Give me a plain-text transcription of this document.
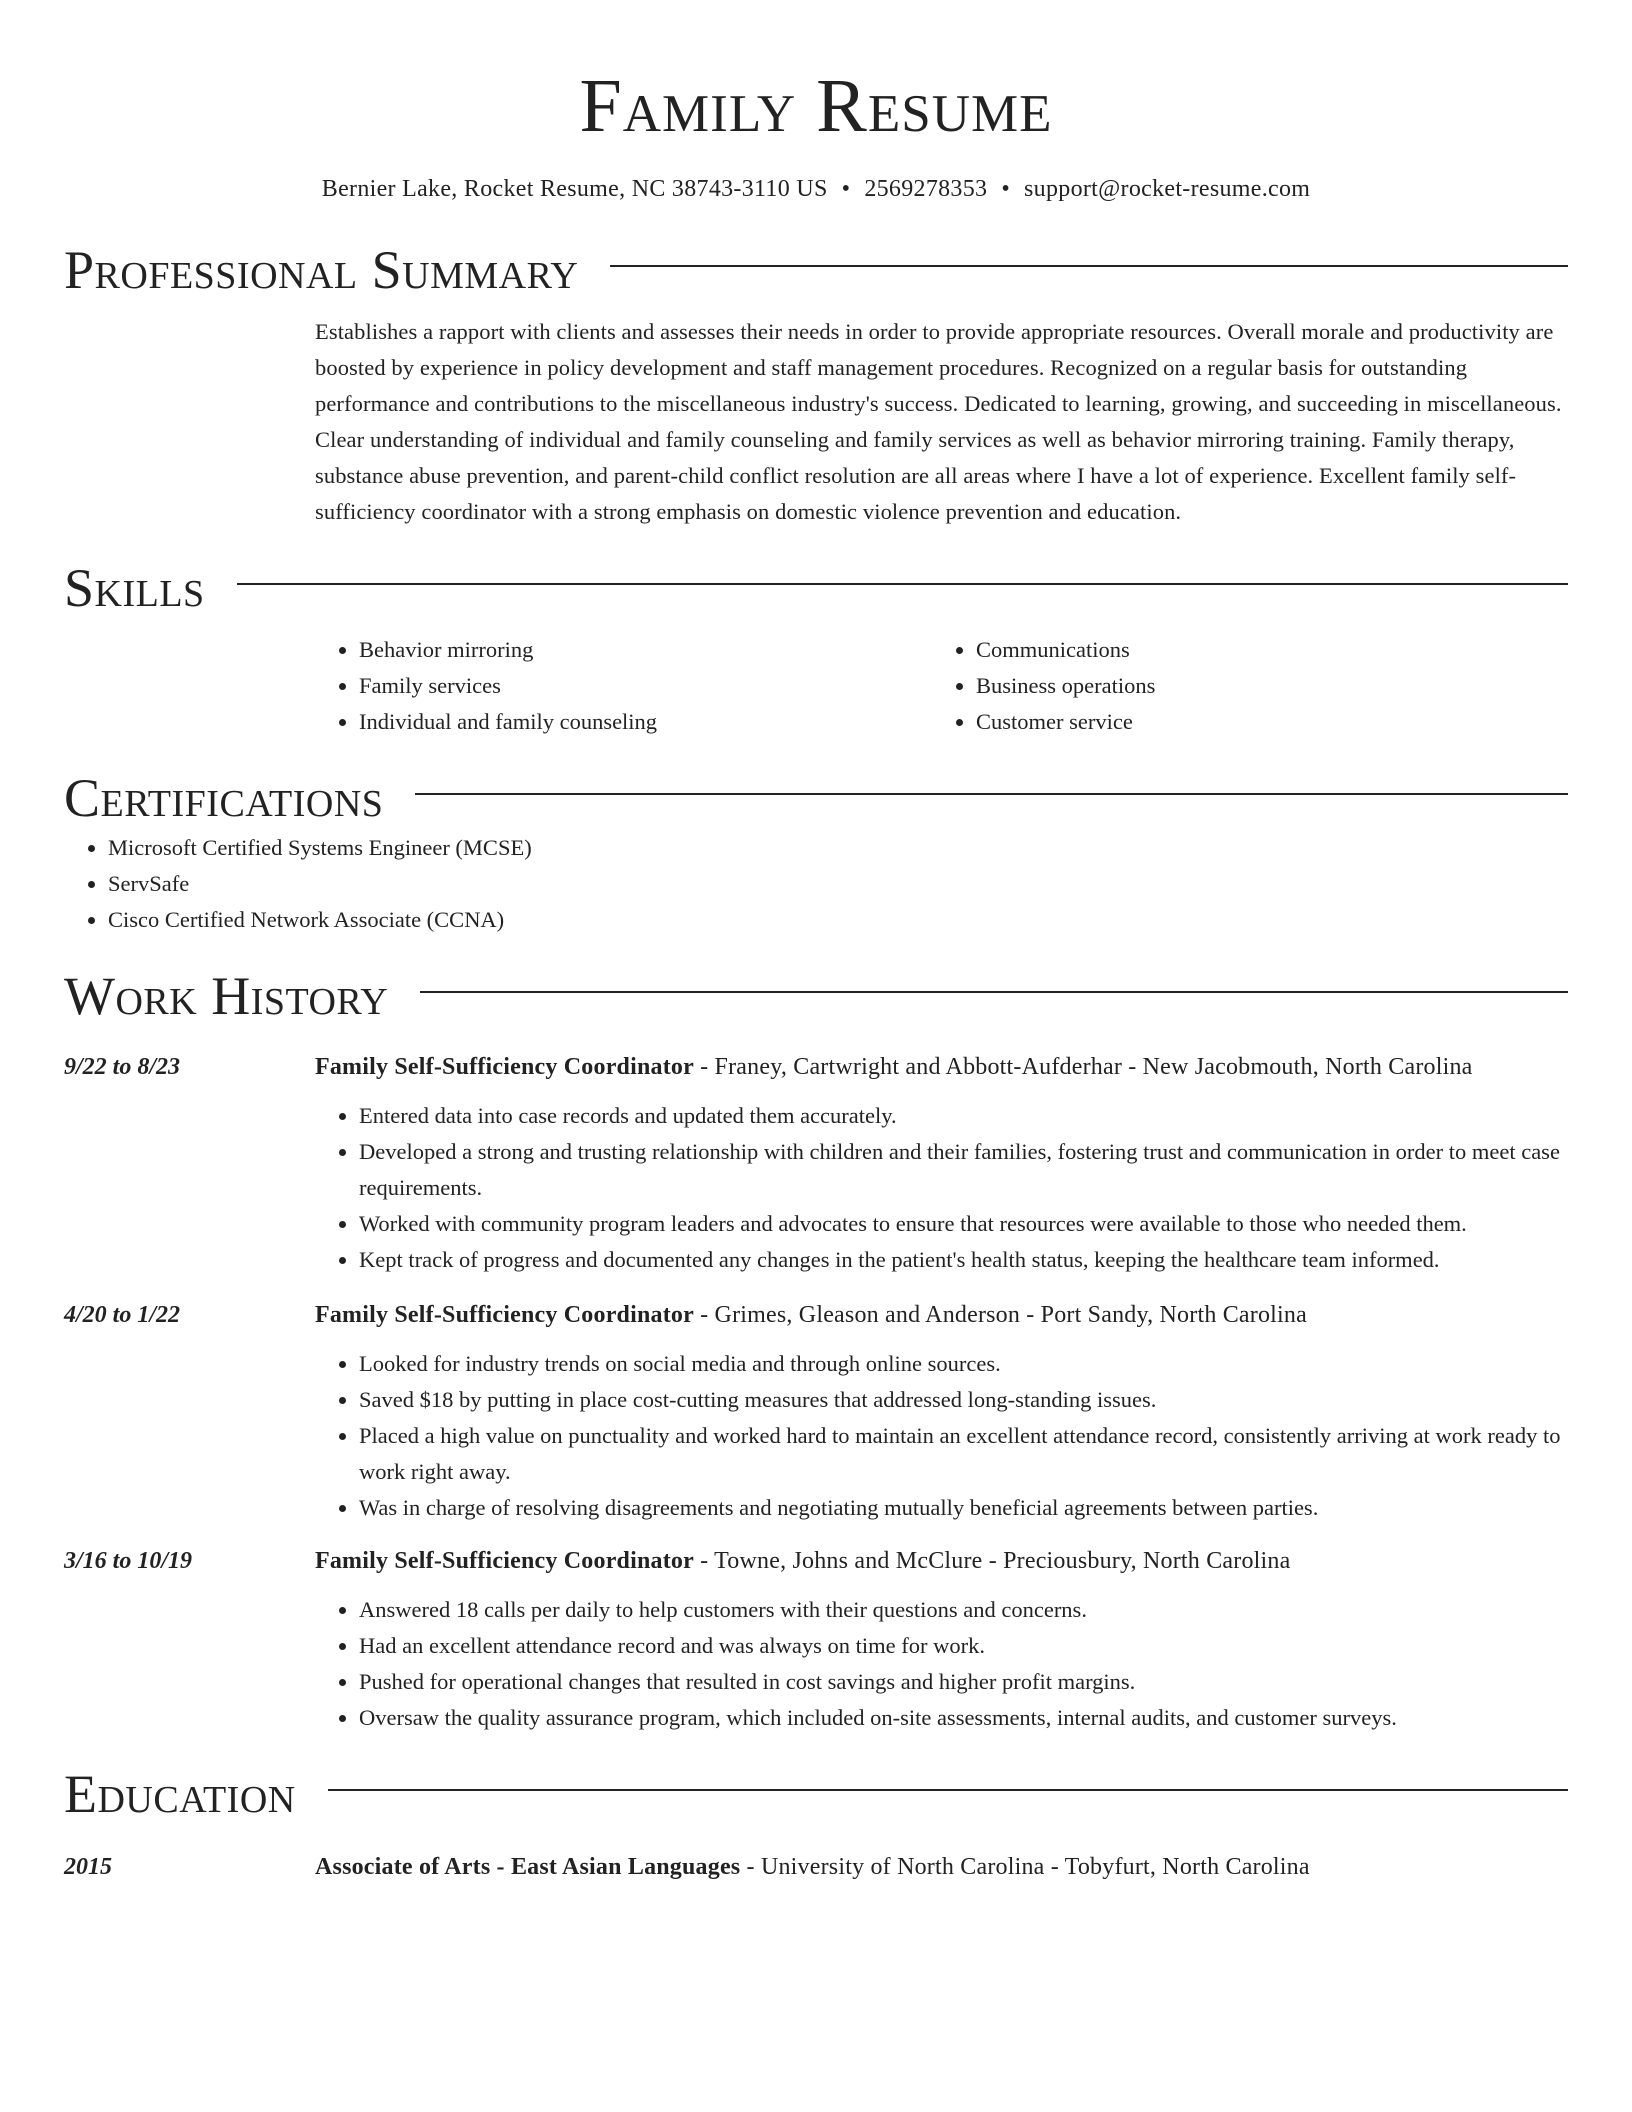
Family Resume
Bernier Lake, Rocket Resume, NC 38743-3110 US • 2569278353 • support@rocket-resume.com
Professional Summary

Establishes a rapport with clients and assesses their needs in order to provide appropriate resources. Overall morale and productivity are boosted by experience in policy development and staff management procedures. Recognized on a regular basis for outstanding performance and contributions to the miscellaneous industry's success. Dedicated to learning, growing, and succeeding in miscellaneous. Clear understanding of individual and family counseling and family services as well as behavior mirroring training. Family therapy, substance abuse prevention, and parent-child conflict resolution are all areas where I have a lot of experience. Excellent family self-sufficiency coordinator with a strong emphasis on domestic violence prevention and education.

Skills
• Behavior mirroring
• Family services
• Individual and family counseling
• Communications
• Business operations
• Customer service
Certifications
• Microsoft Certified Systems Engineer (MCSE)
• ServSafe
• Cisco Certified Network Associate (CCNA)
Work History
9/22 to 8/23	Family Self-Sufficiency Coordinator - Franey, Cartwright and Abbott-Aufderhar - New Jacobmouth, North Carolina
• Entered data into case records and updated them accurately.
• Developed a strong and trusting relationship with children and their families, fostering trust and communication in order to meet case requirements.
• Worked with community program leaders and advocates to ensure that resources were available to those who needed them.
• Kept track of progress and documented any changes in the patient's health status, keeping the healthcare team informed.
4/20 to 1/22	Family Self-Sufficiency Coordinator - Grimes, Gleason and Anderson - Port Sandy, North Carolina
• Looked for industry trends on social media and through online sources.
• Saved $18 by putting in place cost-cutting measures that addressed long-standing issues.
• Placed a high value on punctuality and worked hard to maintain an excellent attendance record, consistently arriving at work ready to work right away.
• Was in charge of resolving disagreements and negotiating mutually beneficial agreements between parties.
3/16 to 10/19	Family Self-Sufficiency Coordinator - Towne, Johns and McClure - Preciousbury, North Carolina
• Answered 18 calls per daily to help customers with their questions and concerns.
• Had an excellent attendance record and was always on time for work.
• Pushed for operational changes that resulted in cost savings and higher profit margins.
• Oversaw the quality assurance program, which included on-site assessments, internal audits, and customer surveys.
Education
2015	Associate of Arts - East Asian Languages - University of North Carolina - Tobyfurt, North Carolina
